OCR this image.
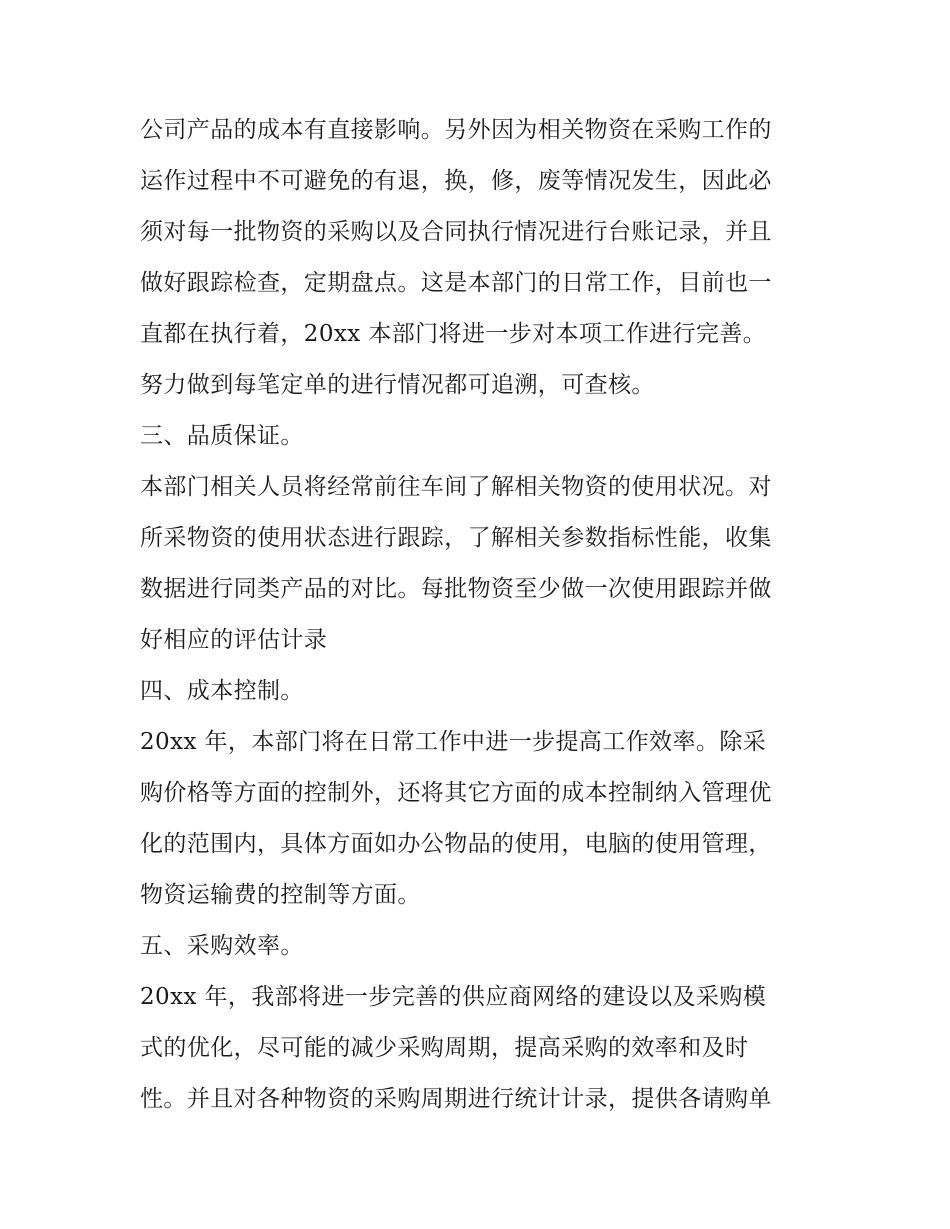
公司产品的成本有直接影响。另外因为相关物资在采购工作的
运作过程中不可避免的有退，换，修，废等情况发生，因此必
须对每一批物资的采购以及合同执行情况进行台账记录，并且
做好跟踪检查，定期盘点。这是本部门的日常工作，目前也一
直都在执行着，20xx 本部门将进一步对本项工作进行完善。
努力做到每笔定单的进行情况都可追溯，可查核。
三、品质保证。
本部门相关人员将经常前往车间了解相关物资的使用状况。对
所采物资的使用状态进行跟踪，了解相关参数指标性能，收集
数据进行同类产品的对比。每批物资至少做一次使用跟踪并做
好相应的评估计录
四、成本控制。
20xx 年，本部门将在日常工作中进一步提高工作效率。除采
购价格等方面的控制外，还将其它方面的成本控制纳入管理优
化的范围内，具体方面如办公物品的使用，电脑的使用管理，
物资运输费的控制等方面。
五、采购效率。
20xx 年，我部将进一步完善的供应商网络的建设以及采购模
式的优化，尽可能的减少采购周期，提高采购的效率和及时
性。并且对各种物资的采购周期进行统计计录，提供各请购单
